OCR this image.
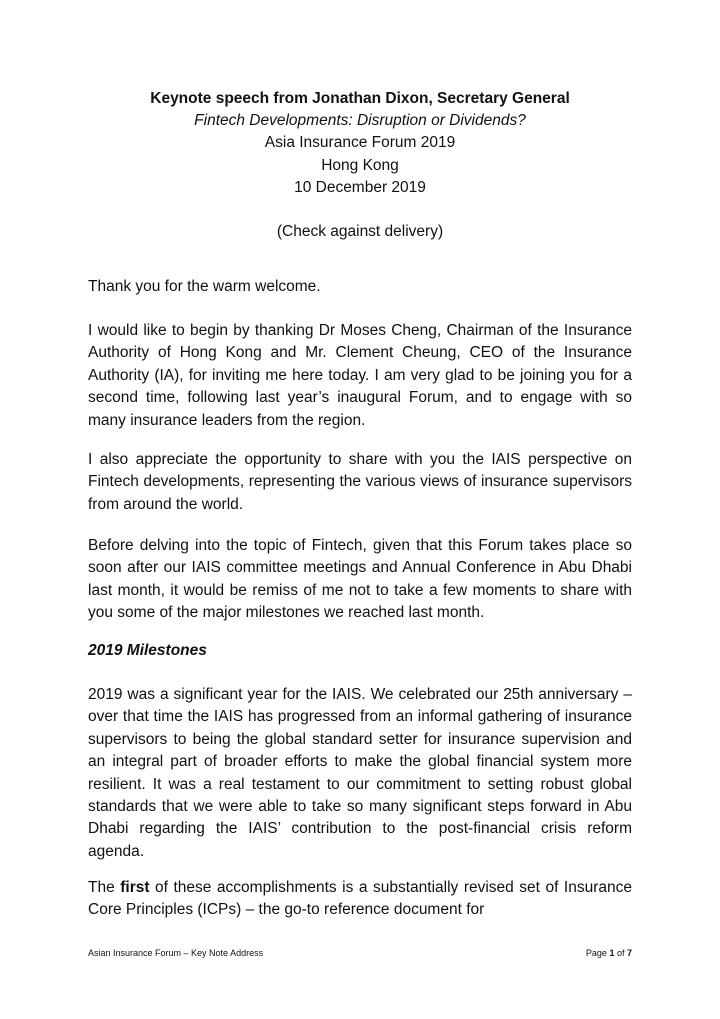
Keynote speech from Jonathan Dixon, Secretary General
Fintech Developments: Disruption or Dividends?
Asia Insurance Forum 2019
Hong Kong
10 December 2019
(Check against delivery)

Thank you for the warm welcome.

I would like to begin by thanking Dr Moses Cheng, Chairman of the Insurance Authority of Hong Kong and Mr. Clement Cheung, CEO of the Insurance Authority (IA), for inviting me here today. I am very glad to be joining you for a second time, following last year’s inaugural Forum, and to engage with so many insurance leaders from the region.

I also appreciate the opportunity to share with you the IAIS perspective on Fintech developments, representing the various views of insurance supervisors from around the world.

Before delving into the topic of Fintech, given that this Forum takes place so soon after our IAIS committee meetings and Annual Conference in Abu Dhabi last month, it would be remiss of me not to take a few moments to share with you some of the major milestones we reached last month.

2019 Milestones

2019 was a significant year for the IAIS. We celebrated our 25th anniversary – over that time the IAIS has progressed from an informal gathering of insurance supervisors to being the global standard setter for insurance supervision and an integral part of broader efforts to make the global financial system more resilient. It was a real testament to our commitment to setting robust global standards that we were able to take so many significant steps forward in Abu Dhabi regarding the IAIS’ contribution to the post-financial crisis reform agenda.

The first of these accomplishments is a substantially revised set of Insurance Core Principles (ICPs) – the go-to reference document for

Asian Insurance Forum – Key Note Address	Page 1 of 7
